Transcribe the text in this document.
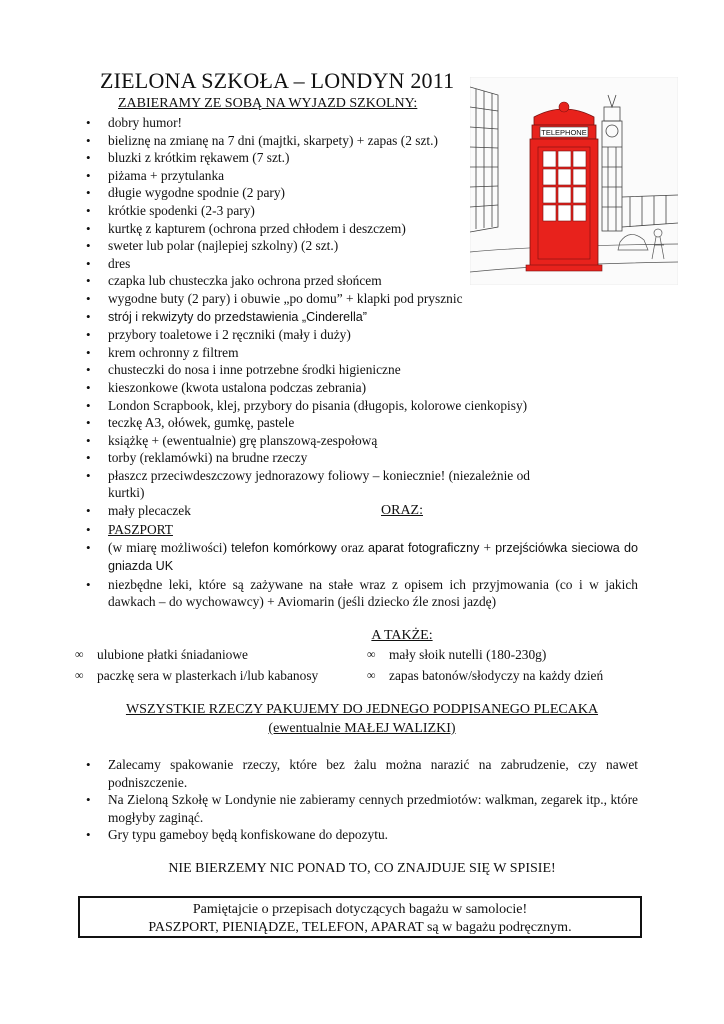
ZIELONA SZKOŁA – LONDYN 2011
ZABIERAMY ZE SOBĄ NA WYJAZD SZKOLNY:
TELEPHONE
• dobry humor!
• bieliznę na zmianę na 7 dni (majtki, skarpety) + zapas (2 szt.)
• bluzki z krótkim rękawem (7 szt.)
• piżama + przytulanka
• długie wygodne spodnie (2 pary)
• krótkie spodenki (2-3 pary)
• kurtkę z kapturem (ochrona przed chłodem i deszczem)
• sweter lub polar (najlepiej szkolny) (2 szt.)
• dres
• czapka lub chusteczka jako ochrona przed słońcem
• wygodne buty (2 pary) i obuwie „po domu” + klapki pod prysznic
• strój i rekwizyty do przedstawienia „Cinderella”
• przybory toaletowe i 2 ręczniki (mały i duży)
• krem ochronny z filtrem
• chusteczki do nosa i inne potrzebne środki higieniczne
• kieszonkowe (kwota ustalona podczas zebrania)
• London Scrapbook, klej, przybory do pisania (długopis, kolorowe cienkopisy)
• teczkę A3, ołówek, gumkę, pastele
• książkę + (ewentualnie) grę planszową-zespołową
• torby (reklamówki) na brudne rzeczy
• płaszcz przeciwdeszczowy jednorazowy foliowy – koniecznie! (niezależnie od kurtki)
• mały plecaczek	ORAZ:
• PASZPORT
• (w miarę możliwości) telefon komórkowy oraz aparat fotograficzny + przejściówka sieciowa do gniazda UK
• niezbędne leki, które są zażywane na stałe wraz z opisem ich przyjmowania (co i w jakich dawkach – do wychowawcy) + Aviomarin (jeśli dziecko źle znosi jazdę)
A TAKŻE:
∞ ulubione płatki śniadaniowe
∞ paczkę sera w plasterkach i/lub kabanosy
∞ mały słoik nutelli (180-230g)
∞ zapas batonów/słodyczy na każdy dzień
WSZYSTKIE RZECZY PAKUJEMY DO JEDNEGO PODPISANEGO PLECAKA
(ewentualnie MAŁEJ WALIZKI)
• Zalecamy spakowanie rzeczy, które bez żalu można narazić na zabrudzenie, czy nawet podniszczenie.
• Na Zieloną Szkołę w Londynie nie zabieramy cennych przedmiotów: walkman, zegarek itp., które mogłyby zaginąć.
• Gry typu gameboy będą konfiskowane do depozytu.
NIE BIERZEMY NIC PONAD TO, CO ZNAJDUJE SIĘ W SPISIE!
Pamiętajcie o przepisach dotyczących bagażu w samolocie!
PASZPORT, PIENIĄDZE, TELEFON, APARAT są w bagażu podręcznym.
